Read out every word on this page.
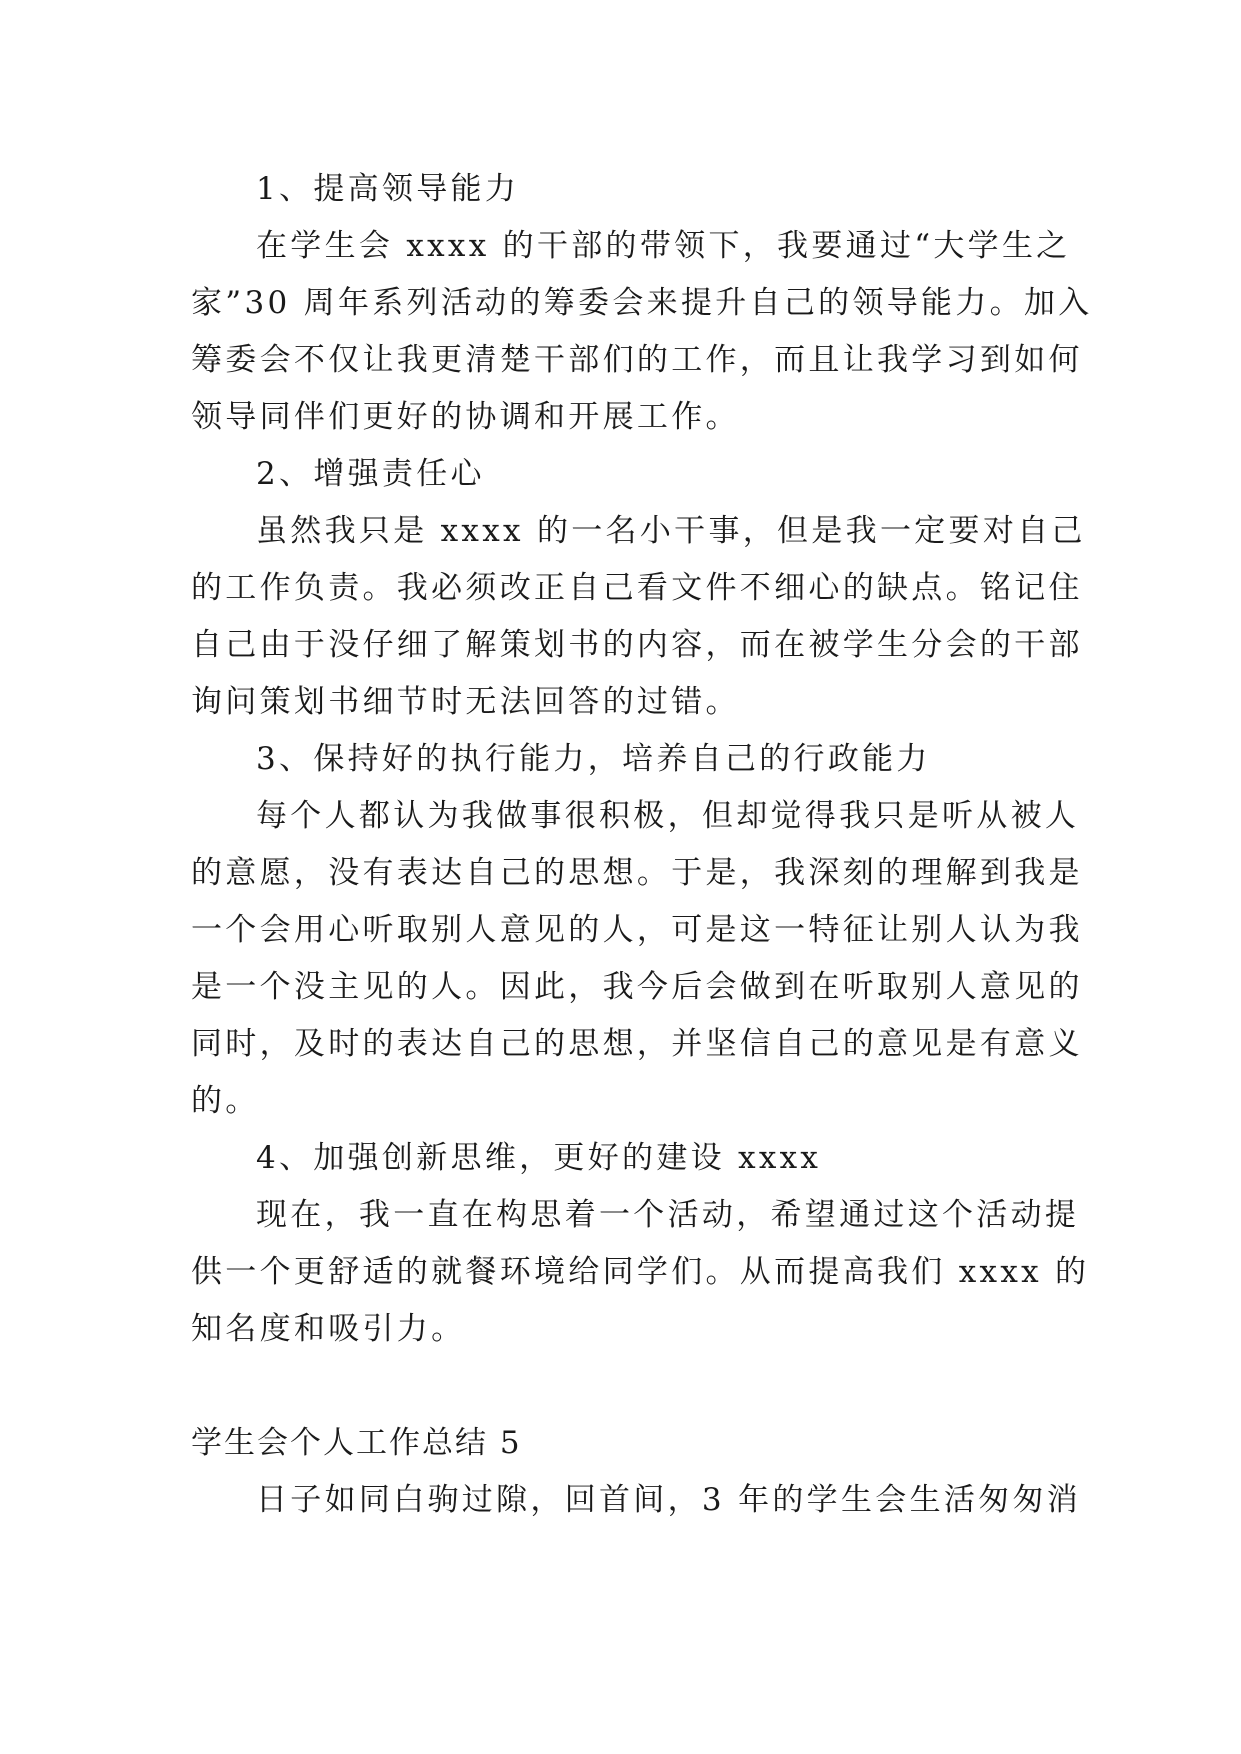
1、提高领导能力
在学生会 xxxx 的干部的带领下，我要通过“大学生之
家”30 周年系列活动的筹委会来提升自己的领导能力。加入
筹委会不仅让我更清楚干部们的工作，而且让我学习到如何
领导同伴们更好的协调和开展工作。
2、增强责任心
虽然我只是 xxxx 的一名小干事，但是我一定要对自己
的工作负责。我必须改正自己看文件不细心的缺点。铭记住
自己由于没仔细了解策划书的内容，而在被学生分会的干部
询问策划书细节时无法回答的过错。
3、保持好的执行能力，培养自己的行政能力
每个人都认为我做事很积极，但却觉得我只是听从被人
的意愿，没有表达自己的思想。于是，我深刻的理解到我是
一个会用心听取别人意见的人，可是这一特征让别人认为我
是一个没主见的人。因此，我今后会做到在听取别人意见的
同时，及时的表达自己的思想，并坚信自己的意见是有意义
的。
4、加强创新思维，更好的建设 xxxx
现在，我一直在构思着一个活动，希望通过这个活动提
供一个更舒适的就餐环境给同学们。从而提高我们 xxxx 的
知名度和吸引力。
学生会个人工作总结 5
日子如同白驹过隙，回首间，3 年的学生会生活匆匆消
